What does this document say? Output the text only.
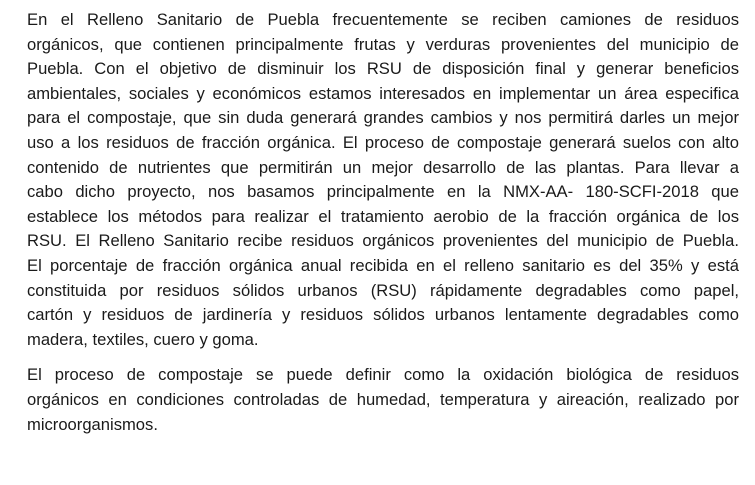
En el Relleno Sanitario de Puebla frecuentemente se reciben camiones de residuos
orgánicos, que contienen principalmente frutas y verduras provenientes del municipio de
Puebla. Con el objetivo de disminuir los RSU de disposición final y generar beneficios
ambientales, sociales y económicos estamos interesados en implementar un área especifica
para el compostaje, que sin duda generará grandes cambios y nos permitirá darles un mejor
uso a los residuos de fracción orgánica. El proceso de compostaje generará suelos con alto
contenido de nutrientes que permitirán un mejor desarrollo de las plantas. Para llevar a
cabo dicho proyecto, nos basamos principalmente en la NMX-AA- 180-SCFI-2018 que
establece los métodos para realizar el tratamiento aerobio de la fracción orgánica de los
RSU. El Relleno Sanitario recibe residuos orgánicos provenientes del municipio de Puebla.
El porcentaje de fracción orgánica anual recibida en el relleno sanitario es del 35% y está
constituida por residuos sólidos urbanos (RSU) rápidamente degradables como papel,
cartón y residuos de jardinería y residuos sólidos urbanos lentamente degradables como
madera, textiles, cuero y goma.
El proceso de compostaje se puede definir como la oxidación biológica de residuos
orgánicos en condiciones controladas de humedad, temperatura y aireación, realizado por
microorganismos.
